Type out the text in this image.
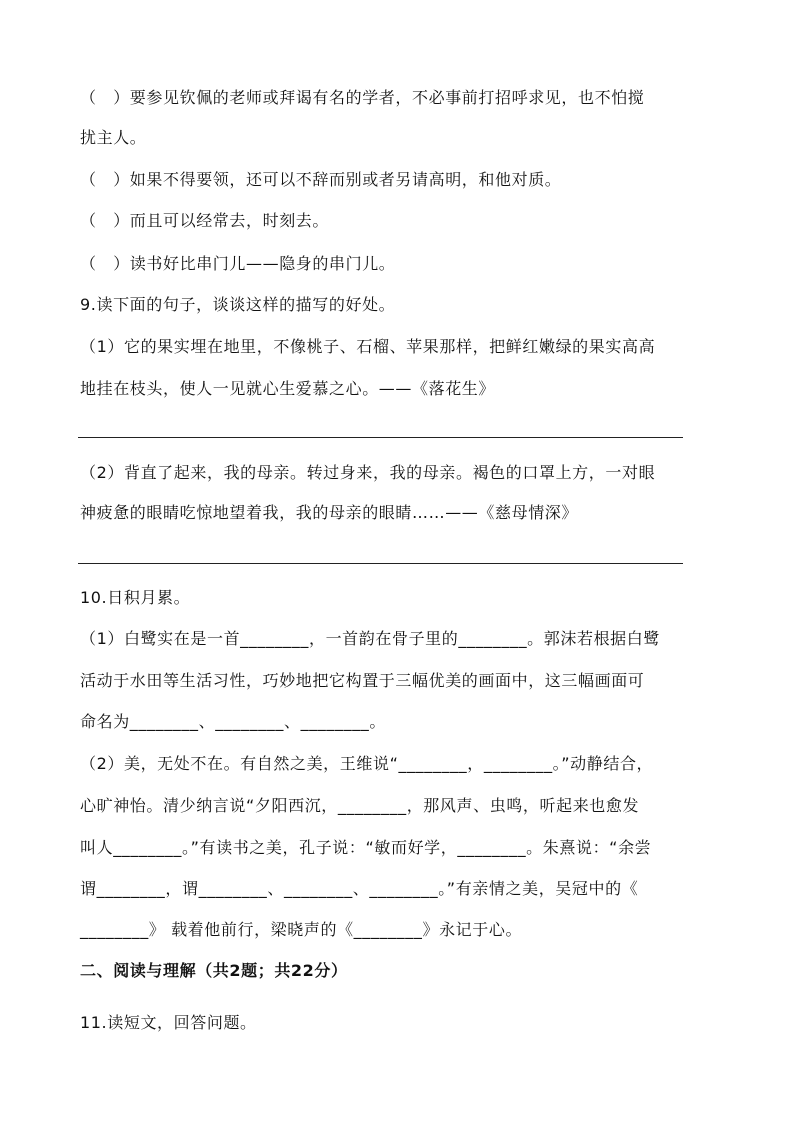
（　）要参见钦佩的老师或拜谒有名的学者，不必事前打招呼求见，也不怕搅
扰主人。
（　）如果不得要领，还可以不辞而别或者另请高明，和他对质。
（　）而且可以经常去，时刻去。
（　）读书好比串门儿——隐身的串门儿。
9.读下面的句子，谈谈这样的描写的好处。
（1）它的果实埋在地里，不像桃子、石榴、苹果那样，把鲜红嫩绿的果实高高
地挂在枝头，使人一见就心生爱慕之心。——《落花生》
（2）背直了起来，我的母亲。转过身来，我的母亲。褐色的口罩上方，一对眼
神疲惫的眼睛吃惊地望着我，我的母亲的眼睛……——《慈母情深》
10.日积月累。
（1）白鹭实在是一首________，一首韵在骨子里的________。郭沫若根据白鹭
活动于水田等生活习性，巧妙地把它构置于三幅优美的画面中，这三幅画面可
命名为________、________、________。
（2）美，无处不在。有自然之美，王维说“________，________。”动静结合，
心旷神怡。清少纳言说“夕阳西沉，________，那风声、虫鸣，听起来也愈发
叫人________。”有读书之美，孔子说：“敏而好学，________。朱熹说：“余尝
谓________，谓________、________、________。”有亲情之美，吴冠中的《
________》 载着他前行，梁晓声的《________》永记于心。
二、阅读与理解（共2题；共22分）
11.读短文，回答问题。
